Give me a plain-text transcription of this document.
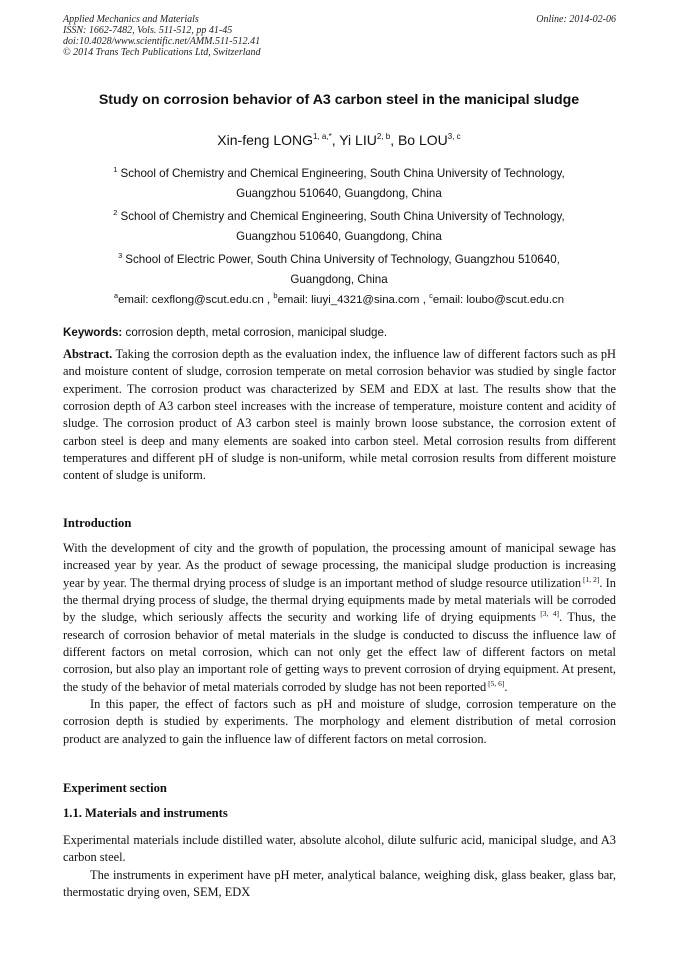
Applied Mechanics and Materials
ISSN: 1662-7482, Vols. 511-512, pp 41-45
doi:10.4028/www.scientific.net/AMM.511-512.41
© 2014 Trans Tech Publications Ltd, Switzerland
Online: 2014-02-06
Study on corrosion behavior of A3 carbon steel in the manicipal sludge
Xin-feng $LONG^{1, a,*}$, Yi LIU$^{2, b}$, Bo LOU$^{3, c}$
$^1$ School of Chemistry and Chemical Engineering, South China University of Technology,
Guangzhou 510640, Guangdong, China
$^2$ School of Chemistry and Chemical Engineering, South China University of Technology,
Guangzhou 510640, Guangdong, China
$^3$ School of Electric Power, South China University of Technology, Guangzhou 510640,
Guangdong, China
$^a$email: cexflong@scut.edu.cn , $^b$email: liuyi_4321@sina.com , $^c$email: loubo@scut.edu.cn
Keywords: corrosion depth, metal corrosion, manicipal sludge.

Abstract. Taking the corrosion depth as the evaluation index, the influence law of different factors such as pH and moisture content of sludge, corrosion temperate on metal corrosion behavior was studied by single factor experiment. The corrosion product was characterized by SEM and EDX at last. The results show that the corrosion depth of A3 carbon steel increases with the increase of temperature, moisture content and acidity of sludge. The corrosion product of A3 carbon steel is mainly brown loose substance, the corrosion extent of carbon steel is deep and many elements are soaked into carbon steel. Metal corrosion results from different temperatures and different pH of sludge is non-uniform, while metal corrosion results from different moisture content of sludge is uniform.

Introduction

With the development of city and the growth of population, the processing amount of manicipal sewage has increased year by year. As the product of sewage processing, the manicipal sludge production is increasing year by year. The thermal drying process of sludge is an important method of sludge resource utilization [1, 2]. In the thermal drying process of sludge, the thermal drying equipments made by metal materials will be corroded by the sludge, which seriously affects the security and working life of drying equipments [3, 4]. Thus, the research of corrosion behavior of metal materials in the sludge is conducted to discuss the influence law of different factors on metal corrosion, which can not only get the effect law of different factors on metal corrosion, but also play an important role of getting ways to prevent corrosion of drying equipment. At present, the study of the behavior of metal materials corroded by sludge has not been reported [5, 6].

In this paper, the effect of factors such as pH and moisture of sludge, corrosion temperature on the corrosion depth is studied by experiments. The morphology and element distribution of metal corrosion product are analyzed to gain the influence law of different factors on metal corrosion.

Experiment section
1.1. Materials and instruments

Experimental materials include distilled water, absolute alcohol, dilute sulfuric acid, manicipal sludge, and A3 carbon steel.

The instruments in experiment have pH meter, analytical balance, weighing disk, glass beaker, glass bar, thermostatic drying oven, SEM, EDX
